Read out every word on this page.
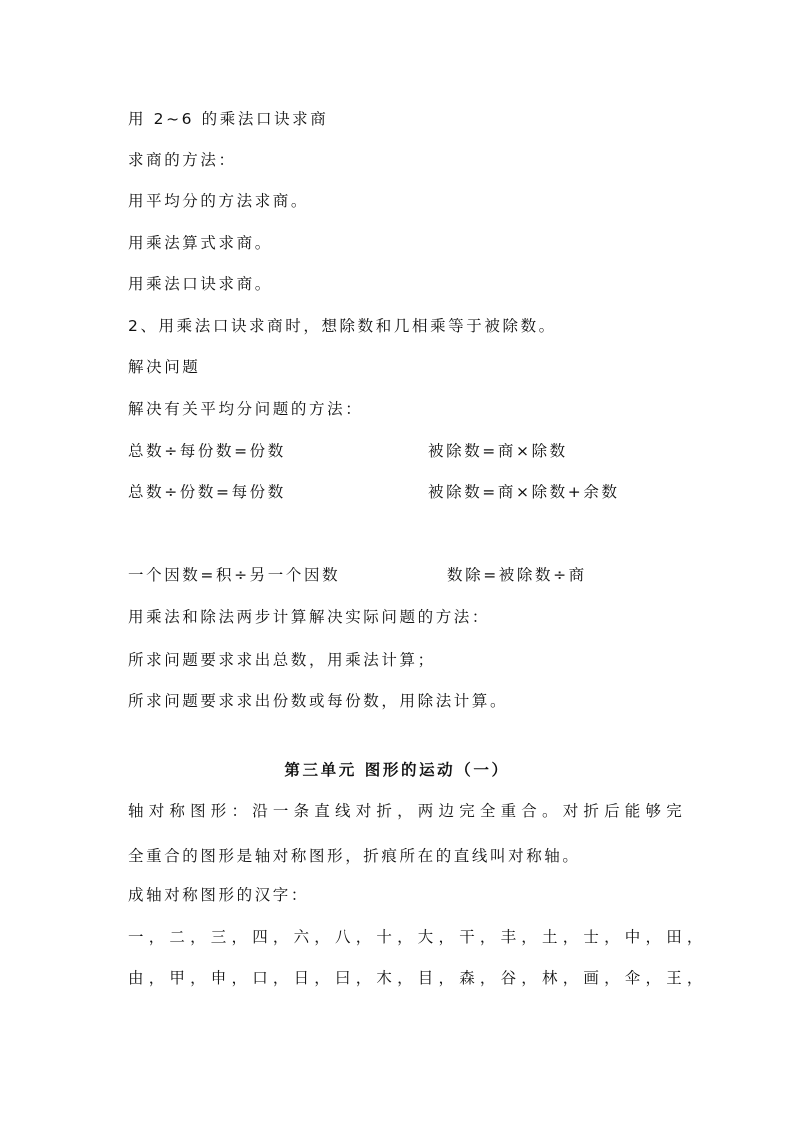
用 2~6 的乘法口诀求商
求商的方法：
用平均分的方法求商。
用乘法算式求商。
用乘法口诀求商。
2、用乘法口诀求商时，想除数和几相乘等于被除数。
解决问题
解决有关平均分问题的方法：
总数÷每份数=份数	被除数=商×除数
总数÷份数=每份数	被除数=商×除数+余数
一个因数=积÷另一个因数	数除=被除数÷商
用乘法和除法两步计算解决实际问题的方法：
所求问题要求求出总数，用乘法计算；
所求问题要求求出份数或每份数，用除法计算。
第三单元 图形的运动（一）
轴对称图形：沿一条直线对折，两边完全重合。对折后能够完
全重合的图形是轴对称图形，折痕所在的直线叫对称轴。
成轴对称图形的汉字：
一，二，三，四，六，八，十，大，干，丰，土，士，中，田，
由，甲，申，口，日，曰，木，目，森，谷，林，画，伞，王，
